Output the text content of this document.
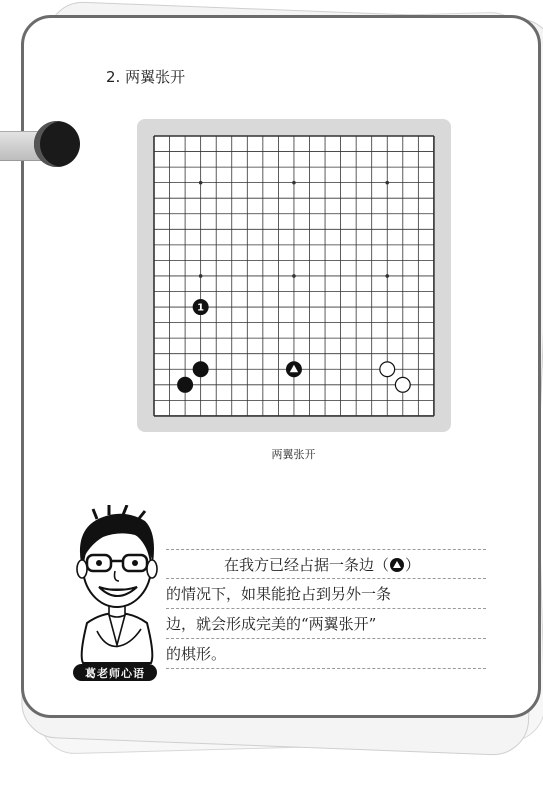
2. 两翼张开
1
两翼张开
葛老师心语
在我方已经占据一条边（ ）
的情况下，如果能抢占到另外一条
边，就会形成完美的“两翼张开”
的棋形。
